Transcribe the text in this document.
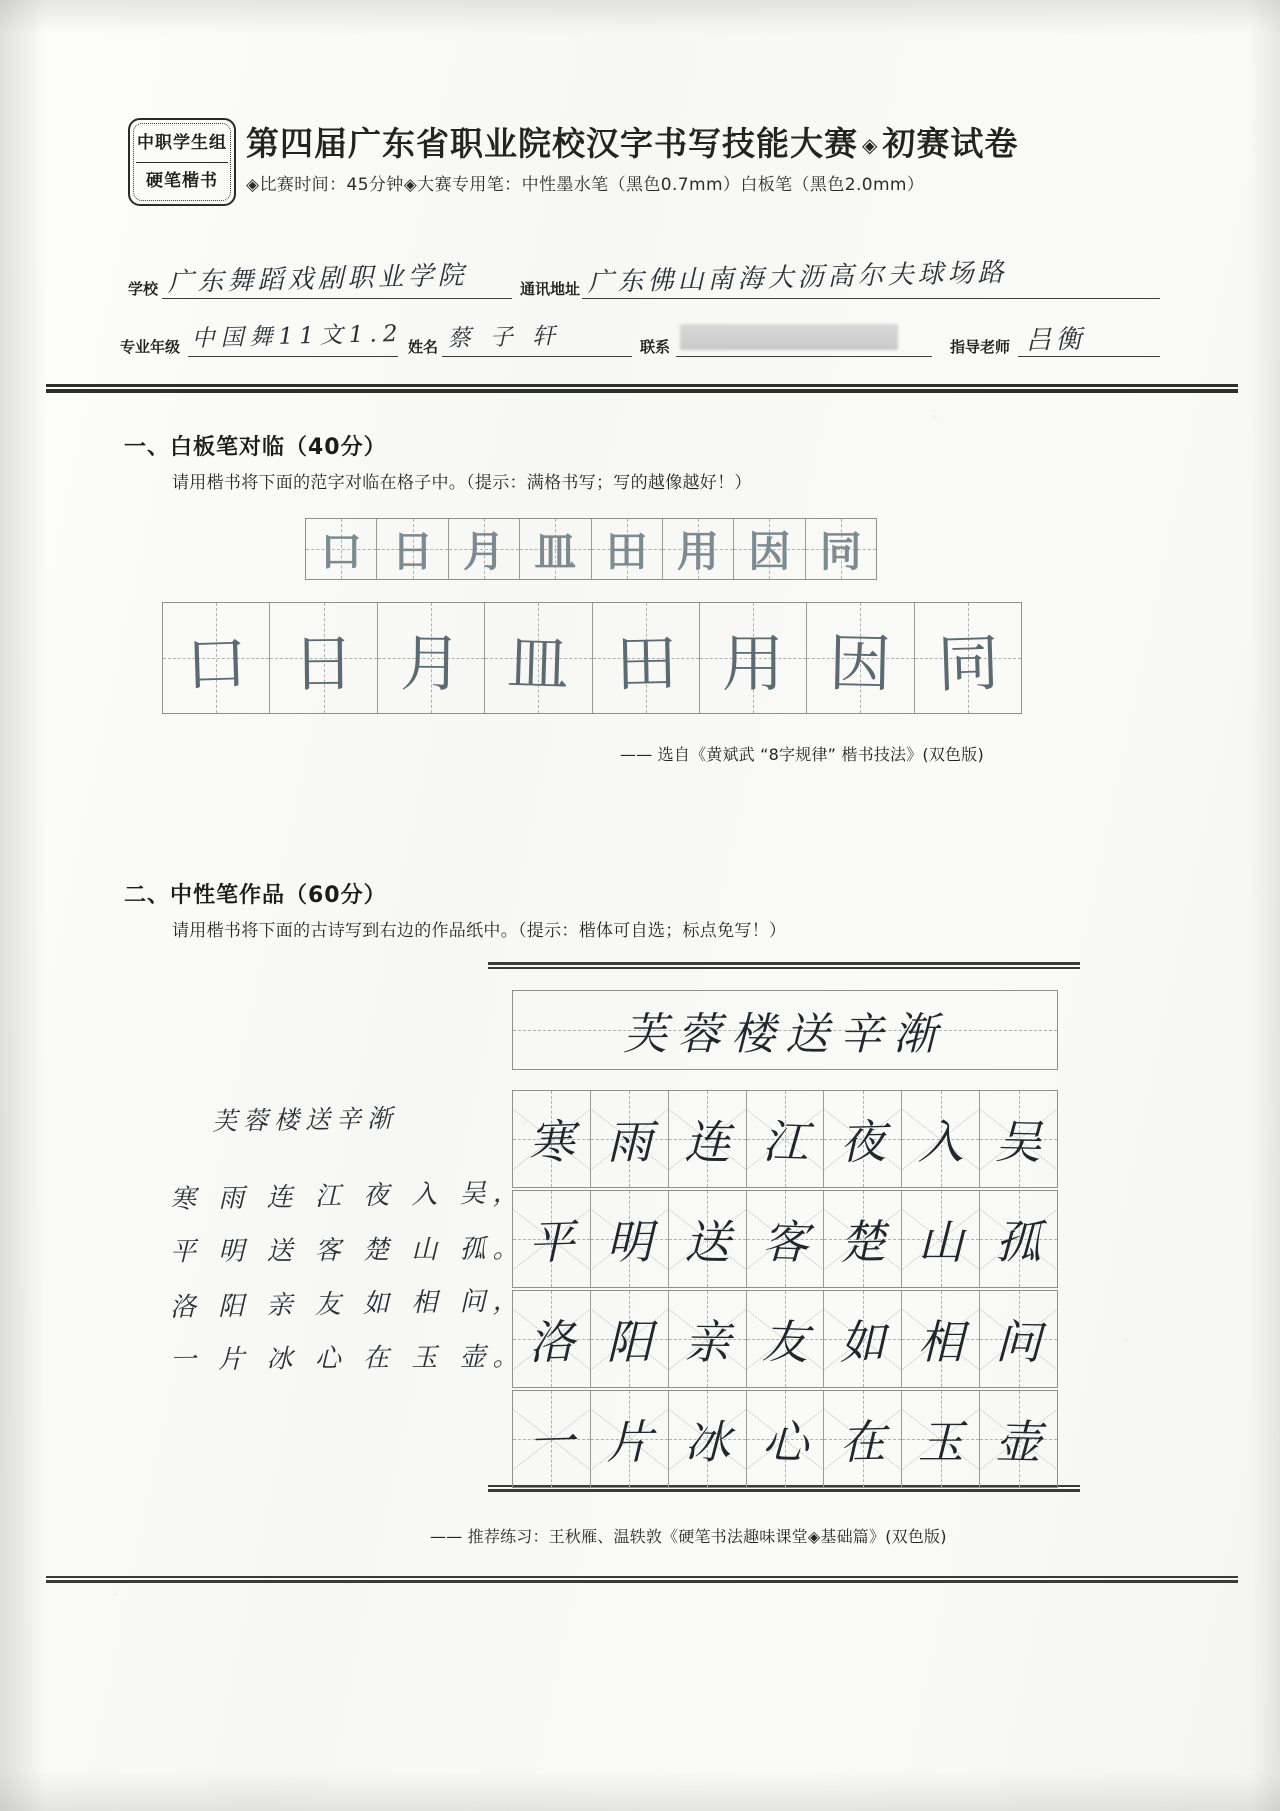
中职学生组
硬笔楷书
第四届广东省职业院校汉字书写技能大赛 ◈ 初赛试卷
◈比赛时间：45分钟◈大赛专用笔：中性墨水笔（黑色0.7mm）白板笔（黑色2.0mm）
学校 广东舞蹈戏剧职业学院	通讯地址 广东佛山南海大沥高尔夫球场路
专业年级 中国舞11文1.2 姓名 蔡 子 轩	联系	指导老师 吕衡
一、白板笔对临（40分）
请用楷书将下面的范字对临在格子中。（提示：满格书写；写的越像越好！）
口 日 月 皿 田 用 因 同
口 日 月 皿 田 用 因 同
—— 选自《黄斌武 “8字规律” 楷书技法》(双色版)
二、中性笔作品（60分）
请用楷书将下面的古诗写到右边的作品纸中。（提示：楷体可自选；标点免写！）
芙蓉楼送辛渐
寒 雨 连 江 夜 入 吴，
平 明 送 客 楚 山 孤。
洛 阳 亲 友 如 相 问，
一 片 冰 心 在 玉 壶。
芙蓉楼送辛渐
寒 雨 连 江 夜 入 吴
平 明 送 客 楚 山 孤
洛 阳 亲 友 如 相 问
一 片 冰 心 在 玉 壶
—— 推荐练习：王秋雁、温轶敦《硬笔书法趣味课堂◈基础篇》(双色版)
